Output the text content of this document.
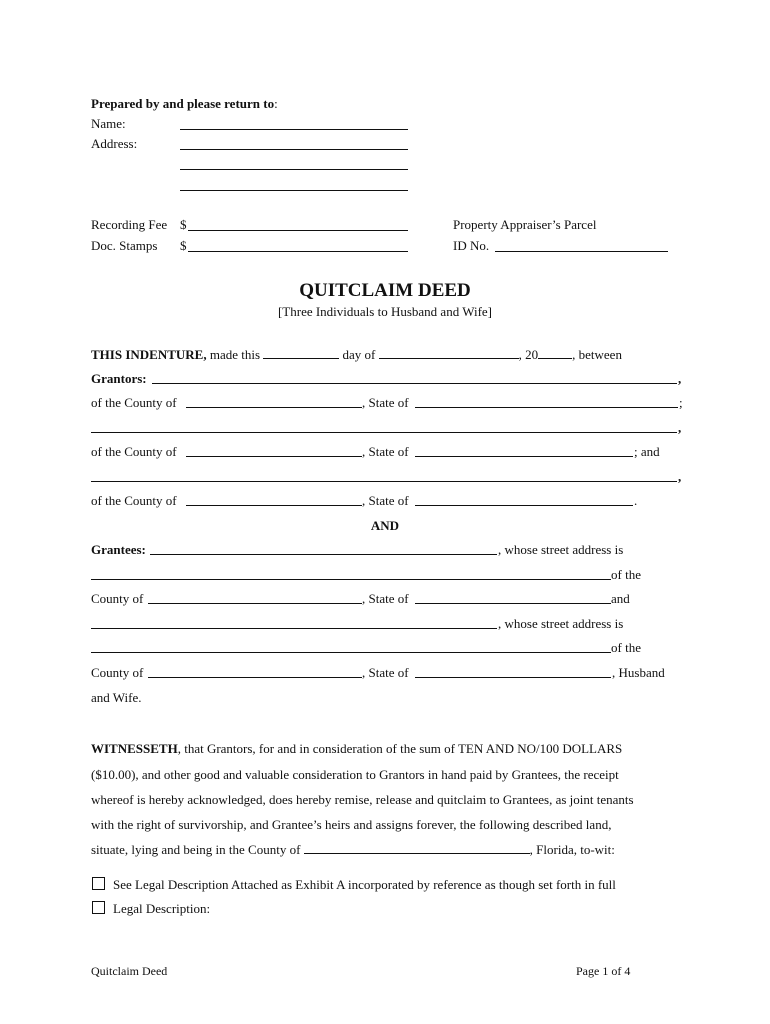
Prepared by and please return to:
Name:
Address:
Recording Fee $
Doc. Stamps $
Property Appraiser’s Parcel
ID No.
QUITCLAIM DEED
[Three Individuals to Husband and Wife]
THIS INDENTURE, made this	day of	, 20	, between
Grantors:	,
of the County of	, State of	;
,
of the County of	, State of	; and
,
of the County of	, State of	.
AND
Grantees:	, whose street address is
of the
County of	, State of	and
, whose street address is
of the
County of	, State of	, Husband
and Wife.
WITNESSETH, that Grantors, for and in consideration of the sum of TEN AND NO/100 DOLLARS
($10.00), and other good and valuable consideration to Grantors in hand paid by Grantees, the receipt
whereof is hereby acknowledged, does hereby remise, release and quitclaim to Grantees, as joint tenants
with the right of survivorship, and Grantee’s heirs and assigns forever, the following described land,
situate, lying and being in the County of	, Florida, to-wit:
See Legal Description Attached as Exhibit A incorporated by reference as though set forth in full
Legal Description:
Quitclaim Deed	Page 1 of 4
